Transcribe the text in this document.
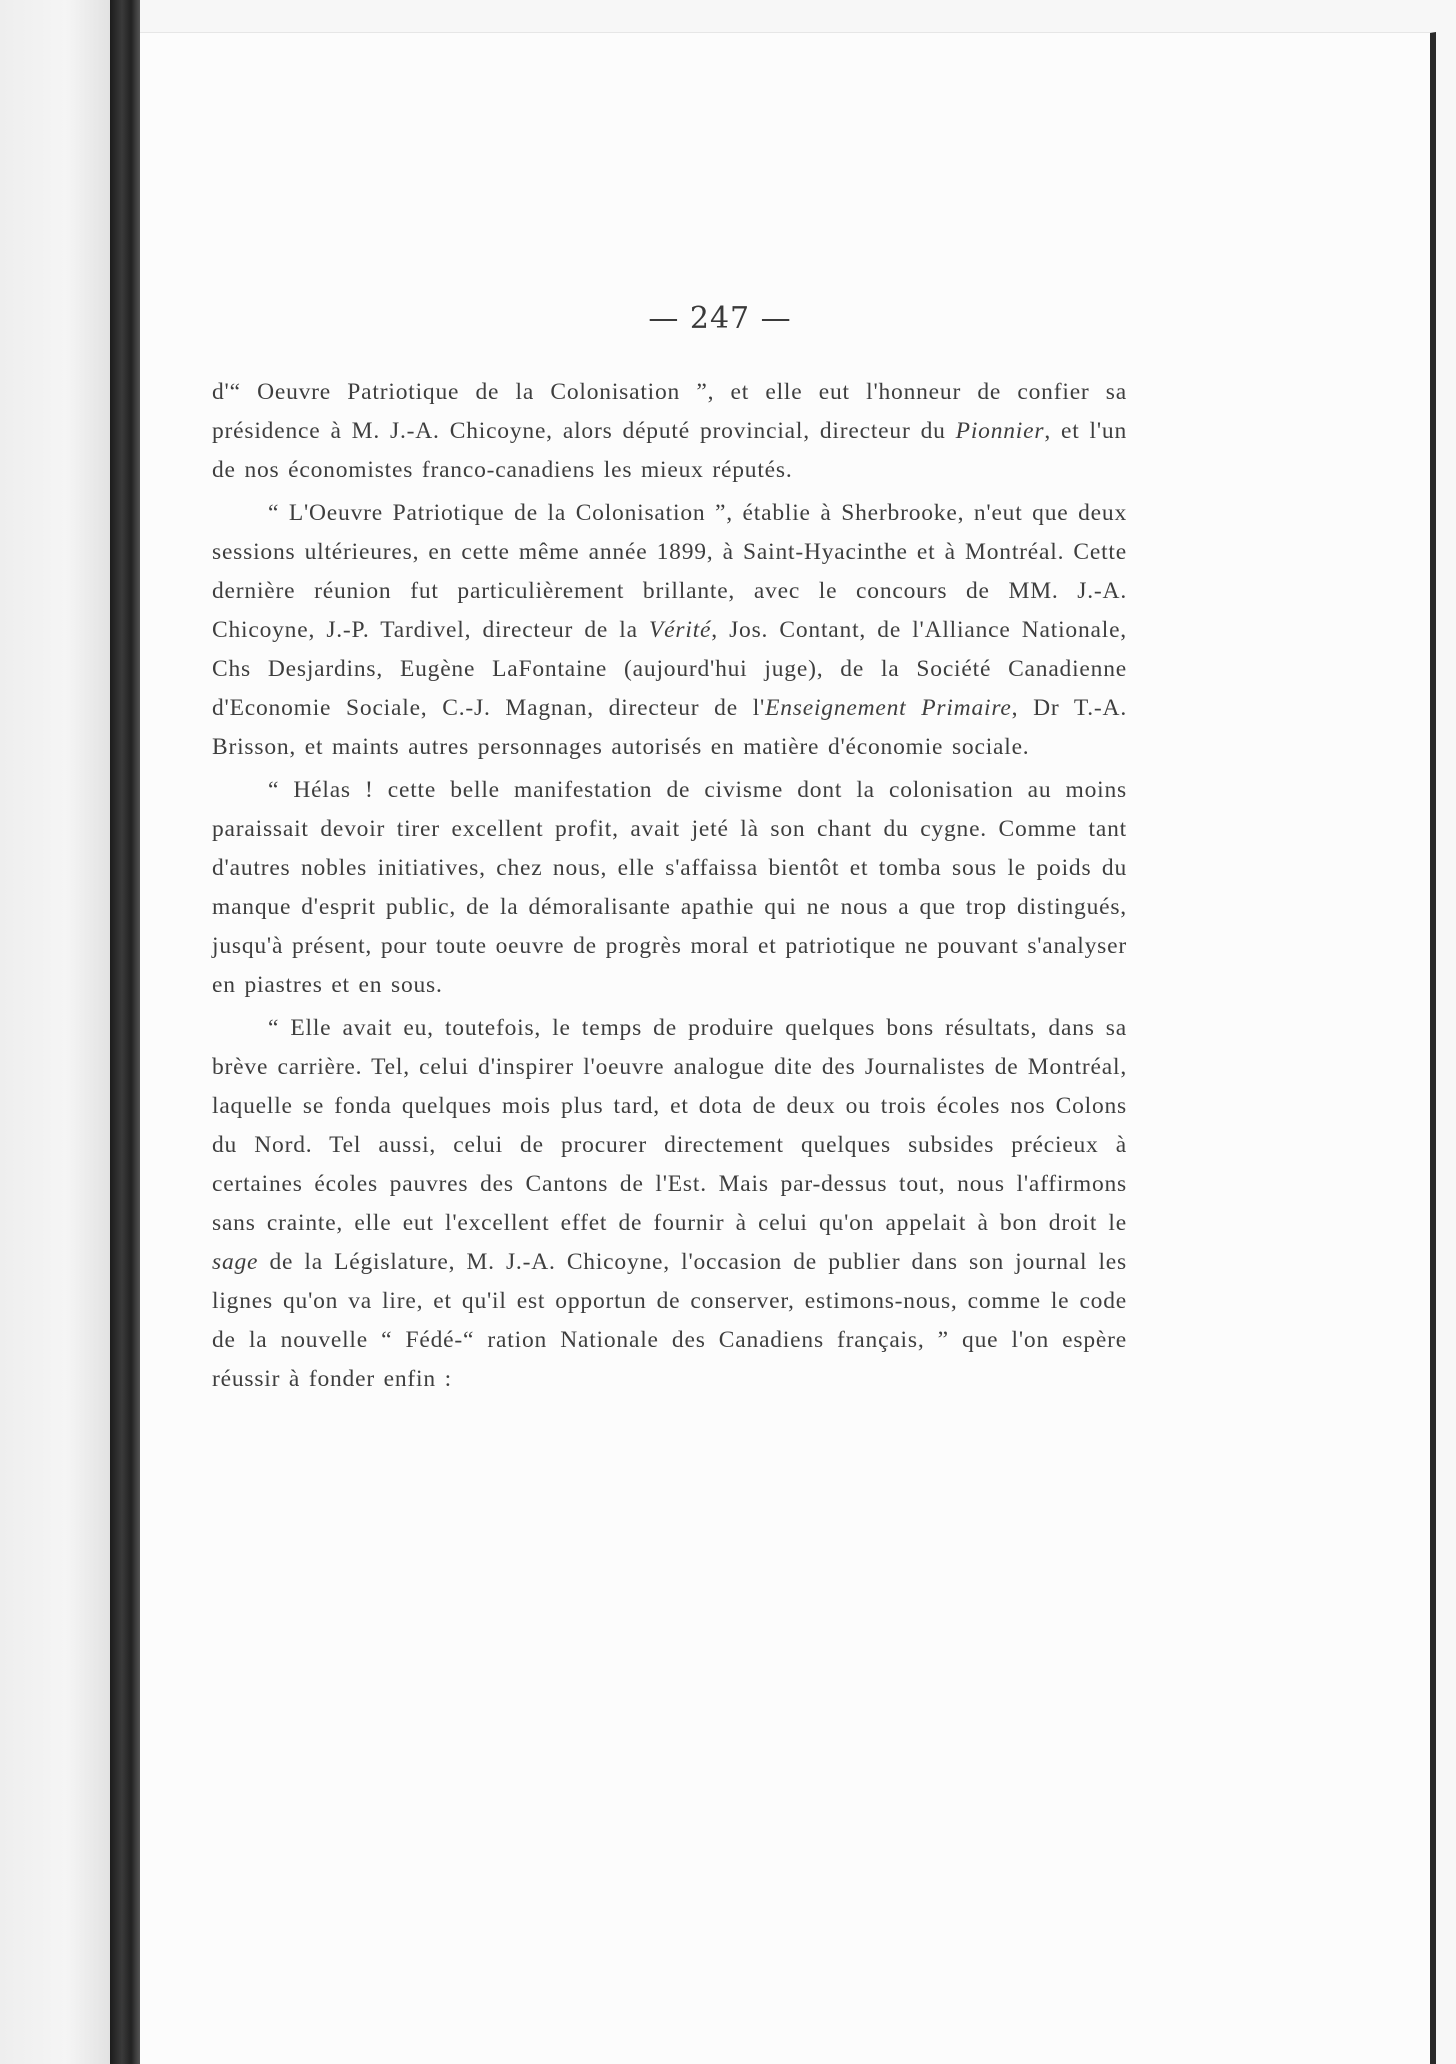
— 247 —

d'“ Oeuvre Patriotique de la Colonisation ”, et elle eut l'honneur de confier sa présidence à M. J.-A. Chicoyne, alors député provincial, directeur du Pionnier, et l'un de nos économistes franco-canadiens les mieux réputés.

“ L'Oeuvre Patriotique de la Colonisation ”, établie à Sherbrooke, n'eut que deux sessions ultérieures, en cette même année 1899, à Saint-Hyacinthe et à Montréal. Cette dernière réunion fut particulièrement brillante, avec le concours de MM. J.-A. Chicoyne, J.-P. Tardivel, directeur de la Vérité, Jos. Contant, de l'Alliance Nationale, Chs Desjardins, Eugène LaFontaine (aujourd'hui juge), de la Société Canadienne d'Economie Sociale, C.-J. Magnan, directeur de l'Enseignement Primaire, Dr T.-A. Brisson, et maints autres personnages autorisés en matière d'économie sociale.

“ Hélas ! cette belle manifestation de civisme dont la colonisation au moins paraissait devoir tirer excellent profit, avait jeté là son chant du cygne. Comme tant d'autres nobles initiatives, chez nous, elle s'affaissa bientôt et tomba sous le poids du manque d'esprit public, de la démoralisante apathie qui ne nous a que trop distingués, jusqu'à présent, pour toute oeuvre de progrès moral et patriotique ne pouvant s'analyser en piastres et en sous.

“ Elle avait eu, toutefois, le temps de produire quelques bons résultats, dans sa brève carrière. Tel, celui d'inspirer l'oeuvre analogue dite des Journalistes de Montréal, laquelle se fonda quelques mois plus tard, et dota de deux ou trois écoles nos Colons du Nord. Tel aussi, celui de procurer directement quelques subsides précieux à certaines écoles pauvres des Cantons de l'Est. Mais par-dessus tout, nous l'affirmons sans crainte, elle eut l'excellent effet de fournir à celui qu'on appelait à bon droit le sage de la Législature, M. J.-A. Chicoyne, l'occasion de publier dans son journal les lignes qu'on va lire, et qu'il est opportun de conserver, estimons-nous, comme le code de la nouvelle “ Fédé-“ ration Nationale des Canadiens français, ” que l'on espère réussir à fonder enfin :
